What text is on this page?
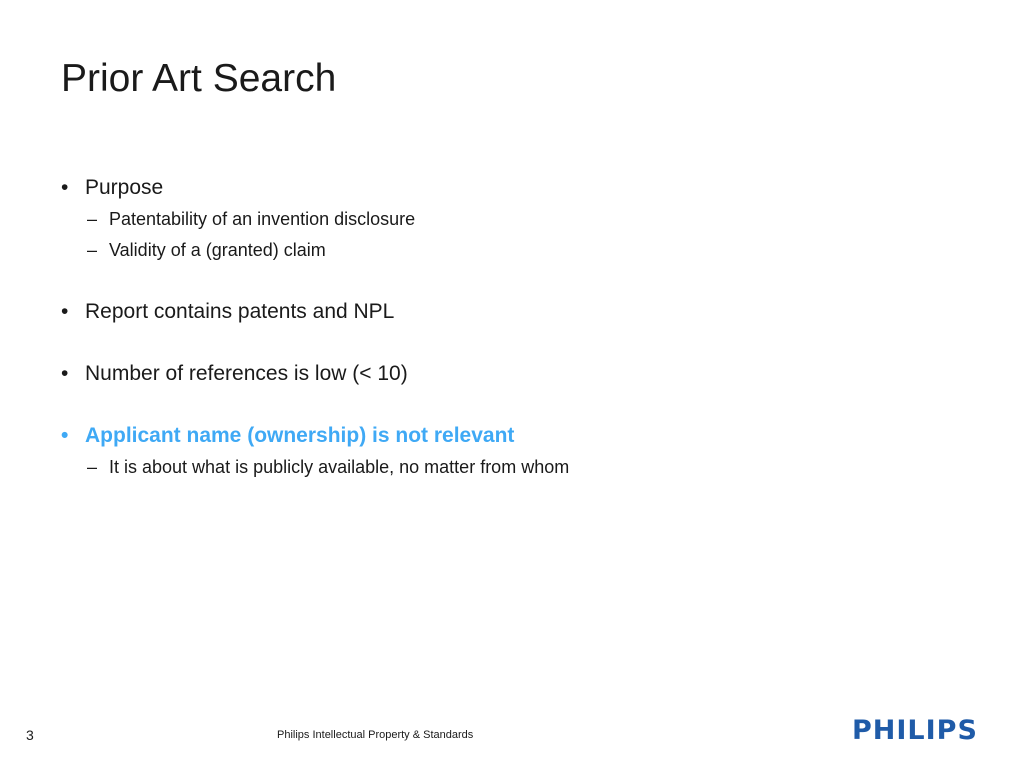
Prior Art Search
• Purpose
– Patentability of an invention disclosure
– Validity of a (granted) claim
• Report contains patents and NPL
• Number of references is low (< 10)
• Applicant name (ownership) is not relevant
– It is about what is publicly available, no matter from whom
3	Philips Intellectual Property & Standards	PHILIPS
